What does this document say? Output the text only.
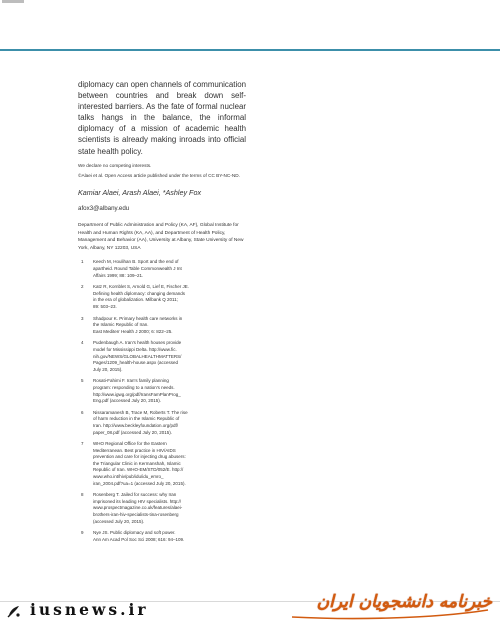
diplomacy can open channels of communication between countries and break down self-interested barriers. As the fate of formal nuclear talks hangs in the balance, the informal diplomacy of a mission of academic health scientists is already making inroads into official state health policy.

We declare no competing interests.

©Alaei et al. Open Access article published under the terms of CC BY-NC-ND.

Kamiar Alaei, Arash Alaei, *Ashley Fox
afox3@albany.edu

Department of Public Administration and Policy (KA, AF), Global Institute for Health and Human Rights (KA, AA), and Department of Health Policy, Management and Behavior (AA), University at Albany, State University of New York, Albany, NY 12203, USA

1	Keech M, Houlihan B. Sport and the end of
apartheid. Round Table Commonwealth J Int
Affairs 1999; 88: 109–21.
2	Katz R, Kornblet S, Arnold G, Lief E, Fischer JE.
Defining health diplomacy: changing demands
in the era of globalization. Milbank Q 2011;
89: 503–23.
3	Shadpour K. Primary health care networks in
the Islamic Republic of Iran.
East Mediterr Health J 2000; 6: 822–25.
4	Pudenbaugh A. Iran's health houses provide
model for Mississippi Delta. http://www.fic.
nih.gov/NEWS/GLOBALHEALTHMATTERS/
Pages/1209_health-house.aspx (accessed
July 20, 2015).
5	Rosati-Fahimi F. Iran's family planning
program: responding to a nation's needs.
http://www.igwg.org/pdf/IransFamPlanProg_
Eng.pdf (accessed July 20, 2015).
6	Nissaramanesh B, Trace M, Roberts T. The rise
of harm reduction in the Islamic Republic of
Iran. http://www.beckleyfoundation.org/pdf/
paper_08.pdf (accessed July 20, 2015).
7	WHO Regional Office for the Eastern
Mediterranean. Best practice in HIV/AIDS
prevention and care for injecting drug abusers:
the Triangular Clinic in Kermanshah, Islamic
Republic of Iran. WHO-EM/STD/052/E. http://
www.who.int/hiv/pub/idu/idu_emro_
iran_2004.pdf?ua=1 (accessed July 20, 2015).
8	Rosenberg T. Jailed for success: why Iran
imprisoned its leading HIV specialists. http://
www.prospectmagazine.co.uk/features/alaei-
brothers-iran-hiv-specialists-tina-rosenberg
(accessed July 20, 2015).
9	Nye JS. Public diplomacy and soft power.
Ann Am Acad Pol Soc Sci 2008; 616: 94–109.
iusnews.ir	خبرنامه دانشجویان ایران
